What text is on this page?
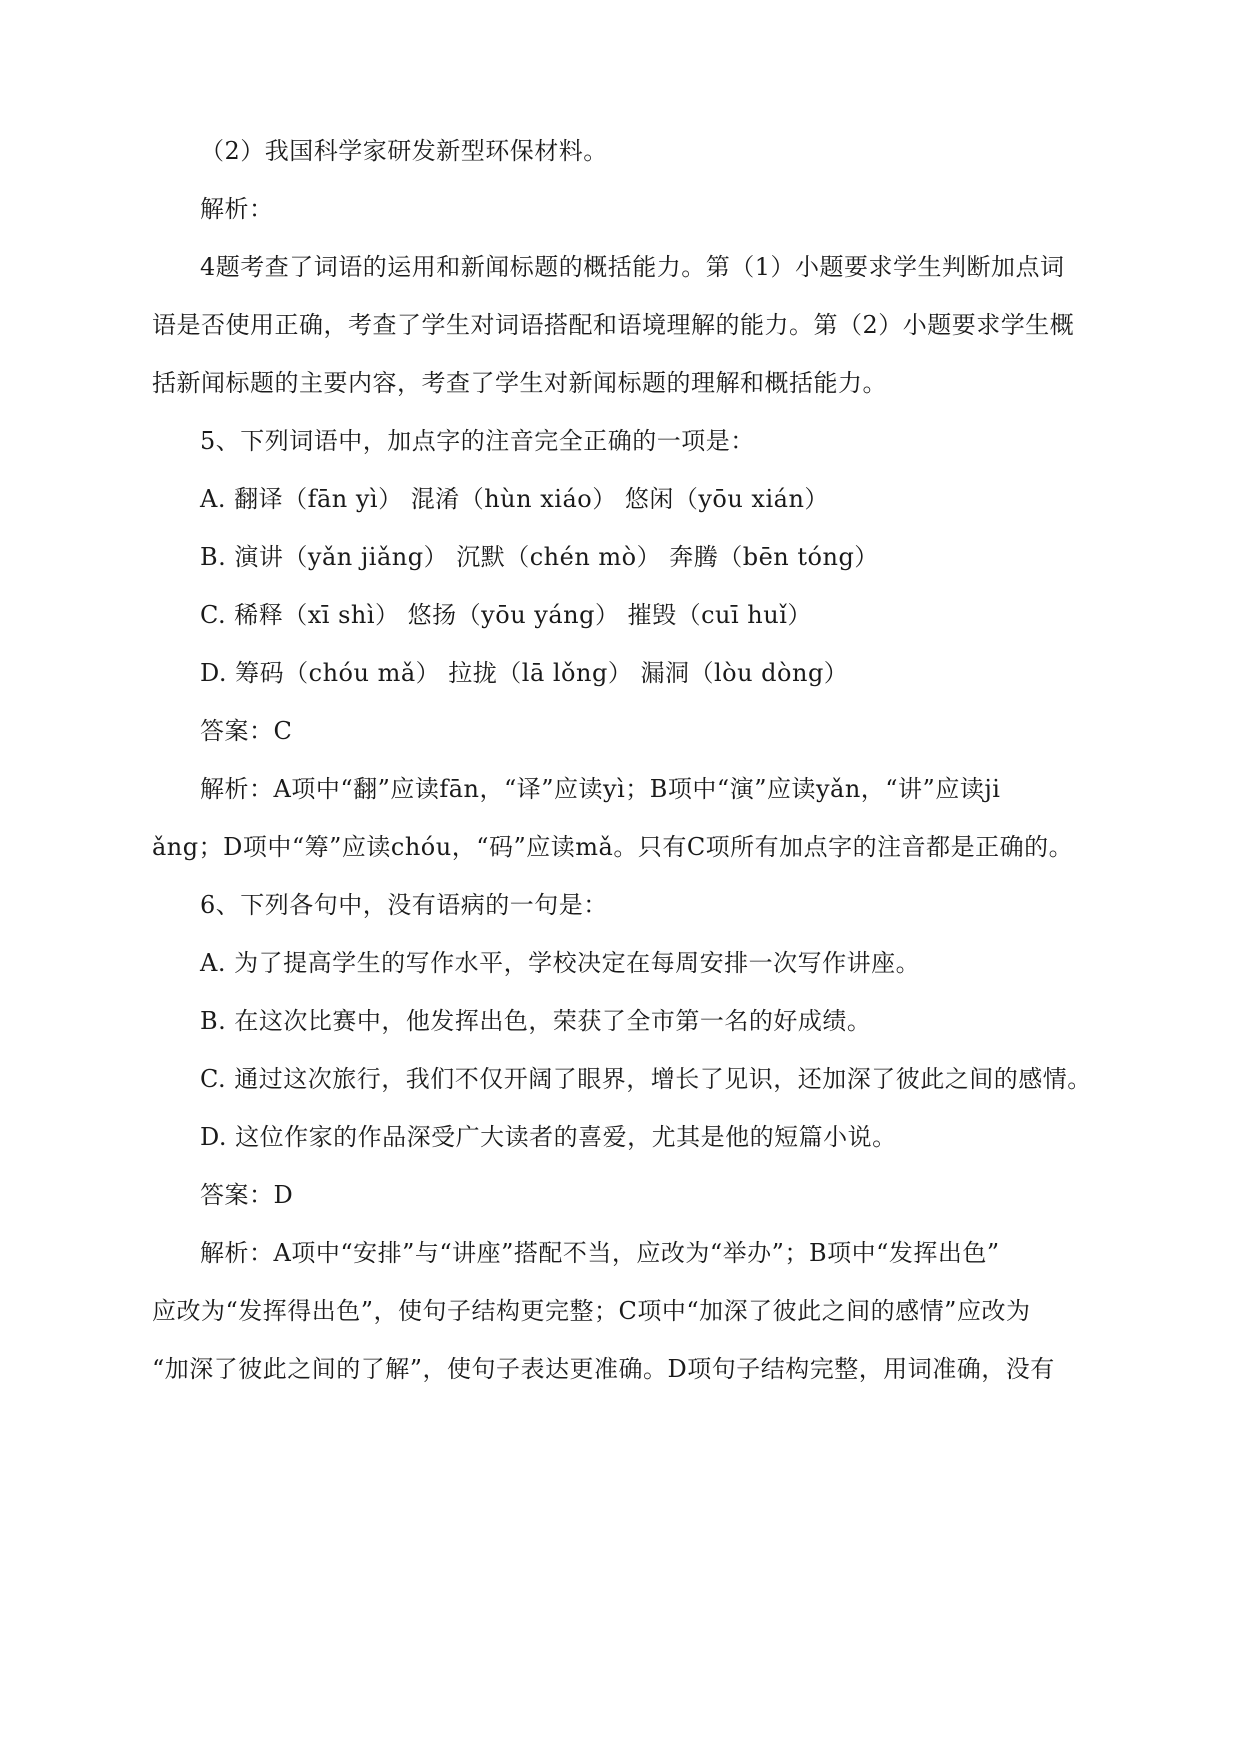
（2）我国科学家研发新型环保材料。
解析：
4题考查了词语的运用和新闻标题的概括能力。第（1）小题要求学生判断加点词
语是否使用正确，考查了学生对词语搭配和语境理解的能力。第（2）小题要求学生概
括新闻标题的主要内容，考查了学生对新闻标题的理解和概括能力。
5、下列词语中，加点字的注音完全正确的一项是：
A. 翻译（fān yì） 混淆（hùn xiáo） 悠闲（yōu xián）
B. 演讲（yǎn jiǎng） 沉默（chén mò） 奔腾（bēn tóng）
C. 稀释（xī shì） 悠扬（yōu yáng） 摧毁（cuī huǐ）
D. 筹码（chóu mǎ） 拉拢（lā lǒng） 漏洞（lòu dòng）
答案：C
解析：A项中“翻”应读fān，“译”应读yì；B项中“演”应读yǎn，“讲”应读ji
ǎng；D项中“筹”应读chóu，“码”应读mǎ。只有C项所有加点字的注音都是正确的。
6、下列各句中，没有语病的一句是：
A. 为了提高学生的写作水平，学校决定在每周安排一次写作讲座。
B. 在这次比赛中，他发挥出色，荣获了全市第一名的好成绩。
C. 通过这次旅行，我们不仅开阔了眼界，增长了见识，还加深了彼此之间的感情。
D. 这位作家的作品深受广大读者的喜爱，尤其是他的短篇小说。
答案：D
解析：A项中“安排”与“讲座”搭配不当，应改为“举办”；B项中“发挥出色”
应改为“发挥得出色”，使句子结构更完整；C项中“加深了彼此之间的感情”应改为
“加深了彼此之间的了解”，使句子表达更准确。D项句子结构完整，用词准确，没有
